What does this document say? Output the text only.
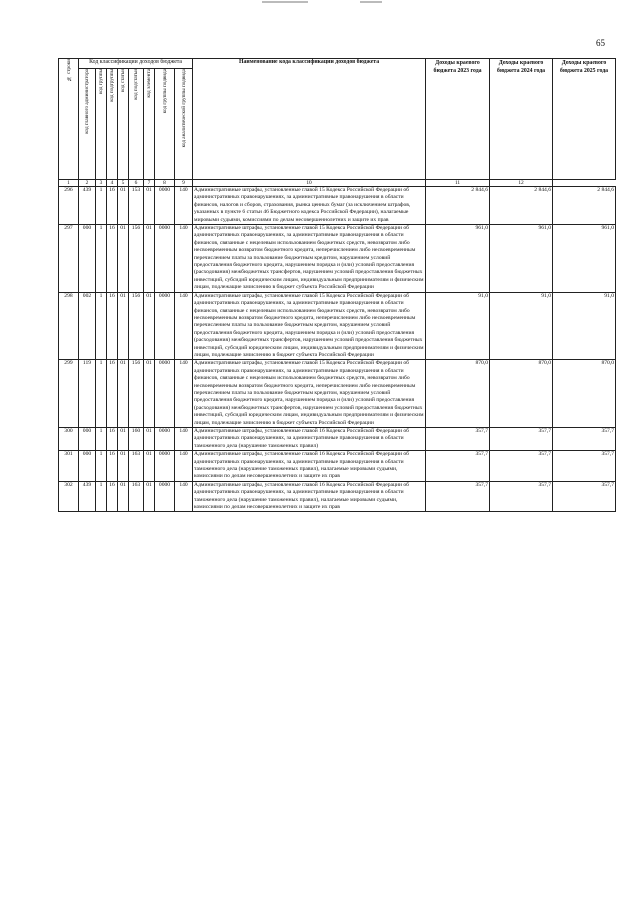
65
№ строки	Код классификации доходов бюджета								Наименование кода классификации доходов бюджета	Доходы краевого бюджета 2023 года	Доходы краевого бюджета 2024 года	Доходы краевого бюджета 2025 года

	код главного администратора	код группы	код подгруппы	код статьи	код подстатьи	код элемента	код группы подвида	код аналитической группы подвида				

1	2	3	4	5	6	7	8	9	10	11	12	
296	439	1	16	01	153	01	0000	140	Административные штрафы, установленные главой 15 Кодекса Российской Федерации об административных правонарушениях, за административные правонарушения в области финансов, налогов и сборов, страхования, рынка ценных бумаг (за исключением штрафов, указанных в пункте 6 статьи 46 Бюджетного кодекса Российской Федерации), налагаемые мировыми судьями, комиссиями по делам несовершеннолетних и защите их прав	2 844,6	2 844,6	2 844,6
297	000	1	16	01	156	01	0000	140	Административные штрафы, установленные главой 15 Кодекса Российской Федерации об административных правонарушениях, за административные правонарушения в области финансов, связанные с нецелевым использованием бюджетных средств, невозвратом либо несвоевременным возвратом бюджетного кредита, неперечислением либо несвоевременным перечислением платы за пользование бюджетным кредитом, нарушением условий предоставления бюджетного кредита, нарушением порядка и (или) условий предоставления (расходования) межбюджетных трансфертов, нарушением условий предоставления бюджетных инвестиций, субсидий юридическим лицам, индивидуальным предпринимателям и физическим лицам, подлежащие зачислению в бюджет субъекта Российской Федерации	961,0	961,0	961,0
298	002	1	16	01	156	01	0000	140	Административные штрафы, установленные главой 15 Кодекса Российской Федерации об административных правонарушениях, за административные правонарушения в области финансов, связанные с нецелевым использованием бюджетных средств, невозвратом либо несвоевременным возвратом бюджетного кредита, неперечислением либо несвоевременным перечислением платы за пользование бюджетным кредитом, нарушением условий предоставления бюджетного кредита, нарушением порядка и (или) условий предоставления (расходования) межбюджетных трансфертов, нарушением условий предоставления бюджетных инвестиций, субсидий юридическим лицам, индивидуальным предпринимателям и физическим лицам, подлежащие зачислению в бюджет субъекта Российской Федерации	91,0	91,0	91,0
299	119	1	16	01	156	01	0000	140	Административные штрафы, установленные главой 15 Кодекса Российской Федерации об административных правонарушениях, за административные правонарушения в области финансов, связанные с нецелевым использованием бюджетных средств, невозвратом либо несвоевременным возвратом бюджетного кредита, неперечислением либо несвоевременным перечислением платы за пользование бюджетным кредитом, нарушением условий предоставления бюджетного кредита, нарушением порядка и (или) условий предоставления (расходования) межбюджетных трансфертов, нарушением условий предоставления бюджетных инвестиций, субсидий юридическим лицам, индивидуальным предпринимателям и физическим лицам, подлежащие зачислению в бюджет субъекта Российской Федерации	870,0	870,0	870,0
300	000	1	16	01	160	01	0000	140	Административные штрафы, установленные главой 16 Кодекса Российской Федерации об административных правонарушениях, за административные правонарушения в области таможенного дела (нарушение таможенных правил)	357,7	357,7	357,7
301	000	1	16	01	163	01	0000	140	Административные штрафы, установленные главой 16 Кодекса Российской Федерации об административных правонарушениях, за административные правонарушения в области таможенного дела (нарушение таможенных правил), налагаемые мировыми судьями, комиссиями по делам несовершеннолетних и защите их прав	357,7	357,7	357,7
302	439	1	16	01	163	01	0000	140	Административные штрафы, установленные главой 16 Кодекса Российской Федерации об административных правонарушениях, за административные правонарушения в области таможенного дела (нарушение таможенных правил), налагаемые мировыми судьями, комиссиями по делам несовершеннолетних и защите их прав	357,7	357,7	357,7
